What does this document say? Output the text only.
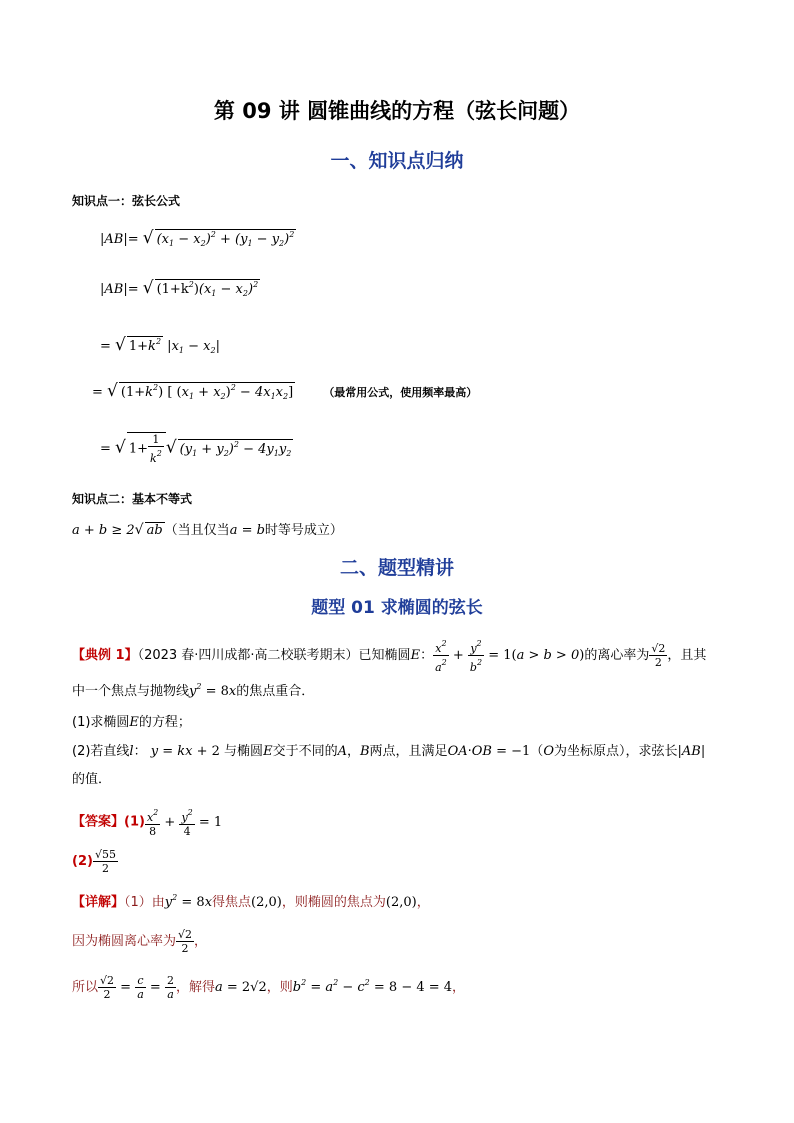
第 09 讲 圆锥曲线的方程（弦长问题）
一、知识点归纳
知识点一：弦长公式
|AB|= √ $(x_1 - x_2)^2 + (y_1 - y_2)^2$
|AB|= √ $(1+k^2)(x_1 - x_2)^2$
= √ $1+k^2$ $|x_1 - x_2|$
= √ $(1+k^2)$ [ $(x_1 + x_2)^2 - 4x_1x_2$]	（最常用公式，使用频率最高）
= √ $1+ \frac{1}{k^2}$ √ $(y_1 + y_2)^2 - 4y_1y_2$
知识点二：基本不等式
a + b ≥ 2√ ab （当且仅当a = b时等号成立）
二、题型精讲
题型 01 求椭圆的弦长
【典例 1】（2023 春·四川成都·高二校联考期末）已知椭圆E： $\frac{x^2}{a^2} + \frac{y^2}{b^2} = 1(a > b > 0)$的离心率为 $\frac{√2}{2}$ ，且其
中一个焦点与抛物线$y^2 = 8x$的焦点重合．
(1)求椭圆E的方程；
(2)若直线l： y = kx + 2 与椭圆E交于不同的A，B两点，且满足OA·OB = −1（O为坐标原点），求弦长|AB|
的值．
【答案】$(1) \frac{x^2}{8} + \frac{y^2}{4} = 1$
$(2) \frac{√55}{2}$
【详解】（1）由$y^2 = 8x$得焦点(2,0)，则椭圆的焦点为(2,0)，
因为椭圆离心率为 $\frac{√2}{2}$ ，
所以 $\frac{√2}{2} = \frac{c}{a} = \frac{2}{a}$ ，解得a = 2√2，则$b^2 = a^2 - c^2 = 8 - 4 = 4$，
